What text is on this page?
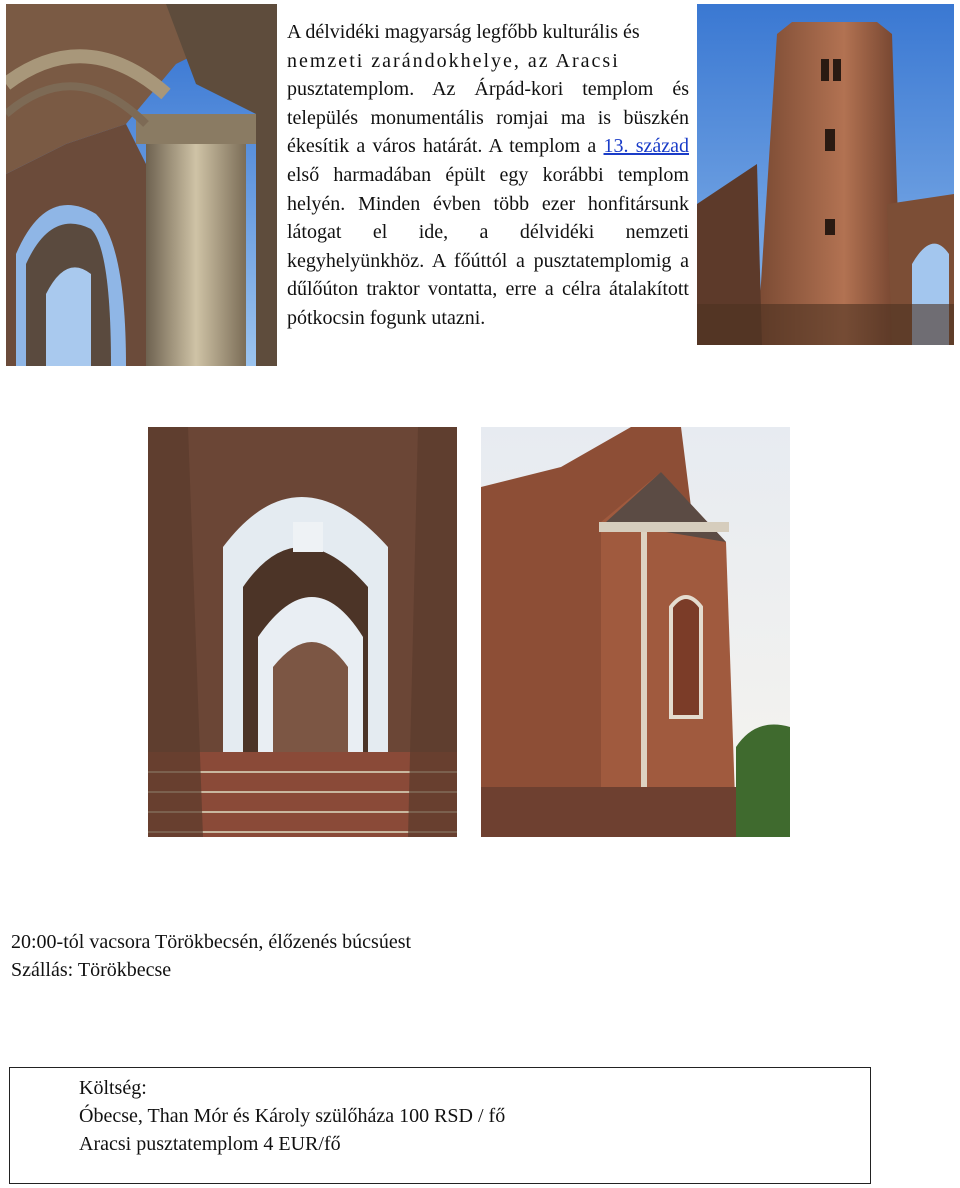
A délvidéki magyarság legfőbb kulturális és
nemzeti zarándokhelye, az Aracsi
pusztatemplom. Az Árpád-kori templom és település monumentális romjai ma is büszkén ékesítik a város határát. A templom a 13. század első harmadában épült egy korábbi templom helyén. Minden évben több ezer honfitársunk látogat el ide, a délvidéki nemzeti kegyhelyünkhöz. A főúttól a pusztatemplomig a dűlőúton traktor vontatta, erre a célra átalakított pótkocsin fogunk utazni.
20:00-tól vacsora Törökbecsén, élőzenés búcsúest
Szállás: Törökbecse
Költség:
Óbecse, Than Mór és Károly szülőháza 100 RSD / fő
Aracsi pusztatemplom 4 EUR/fő
